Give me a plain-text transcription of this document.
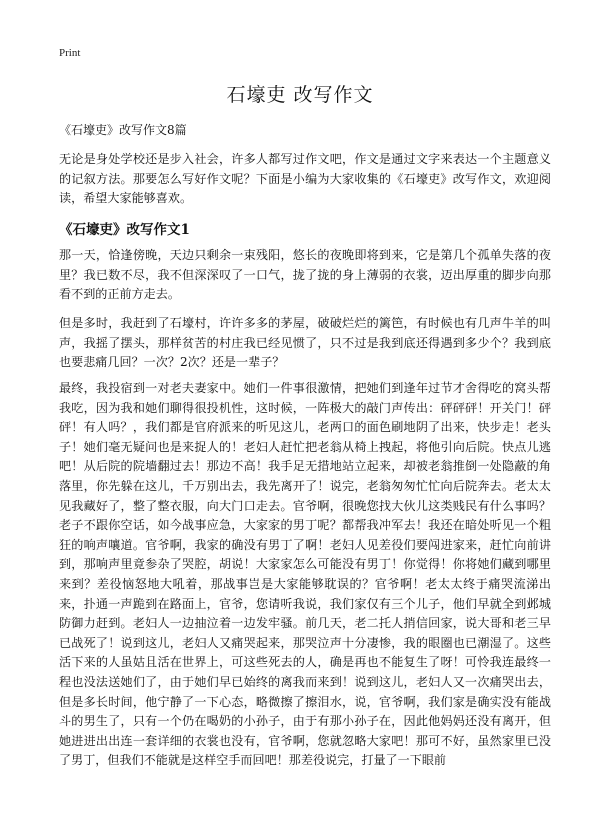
Print
石壕吏 改写作文
《石壕吏》改写作文8篇

无论是身处学校还是步入社会，许多人都写过作文吧，作文是通过文字来表达一个主题意义的记叙方法。那要怎么写好作文呢？下面是小编为大家收集的《石壕吏》改写作文，欢迎阅读，希望大家能够喜欢。

《石壕吏》改写作文1

那一天，恰逢傍晚，天边只剩余一束残阳，悠长的夜晚即将到来，它是第几个孤单失落的夜里？我已数不尽，我不但深深叹了一口气，拢了拢的身上薄弱的衣裳，迈出厚重的脚步向那看不到的正前方走去。

但是多时，我赶到了石壕村，许许多多的茅屋，破破烂烂的篱笆，有时候也有几声牛羊的叫声，我摇了摆头，那样贫苦的村庄我已经见惯了，只不过是我到底还得遇到多少个？我到底也要悲痛几回？一次？2次？还是一辈子？

最终，我投宿到一对老夫妻家中。她们一件事很激情，把她们到逢年过节才舍得吃的窝头帮我吃，因为我和她们聊得很投机性，这时候，一阵极大的敲门声传出：砰砰砰！开关门！砰砰！有人吗？，我们都是官府派来的听见这儿，老两口的面色刷地阴了出来，快步走！老头子！她们毫无疑问也是来捉人的！老妇人赶忙把老翁从椅上拽起，将他引向后院。快点儿逃吧！从后院的院墙翻过去！那边不高！我手足无措地站立起来，却被老翁推倒一处隐蔽的角落里，你先躲在这儿，千万别出去，我先离开了！说完，老翁匆匆忙忙向后院奔去。老太太见我藏好了，整了整衣服，向大门口走去。官爷啊，很晚您找大伙儿这类贱民有什么事吗？老子不跟你空话，如今战事应急，大家家的男丁呢？都帮我冲军去！我还在暗处听见一个粗狂的响声嚷道。官爷啊，我家的确没有男丁了啊！老妇人见差役们要闯进家来，赶忙向前讲到，那响声里竟参杂了哭腔，胡说！大家家怎么可能没有男丁！你觉得！你将她们藏到哪里来到？差役恼怒地大吼着，那战事岂是大家能够耽误的？官爷啊！老太太终于痛哭流涕出来，扑通一声跪到在路面上，官爷，您请听我说，我们家仅有三个儿子，他们早就全到邺城防御力赶到。老妇人一边抽泣着一边发牢骚。前几天，老二托人捎信回家，说大哥和老三早已战死了！说到这儿，老妇人又痛哭起来，那哭泣声十分凄惨，我的眼圈也已潮湿了。这些活下来的人虽姑且活在世界上，可这些死去的人，确是再也不能复生了呀！可怜我连最终一程也没法送她们了，由于她们早已始终的离我而来到！说到这儿，老妇人又一次痛哭出去，但是多长时间，他宁静了一下心态，略微擦了擦泪水，说，官爷啊，我们家是确实没有能战斗的男生了，只有一个仍在喝奶的小孙子，由于有那小孙子在，因此他妈妈还没有离开，但她进进出出连一套详细的衣裳也没有，官爷啊，您就忽略大家吧！那可不好，虽然家里已没了男丁，但我们不能就是这样空手而回吧！那差役说完，打量了一下眼前
